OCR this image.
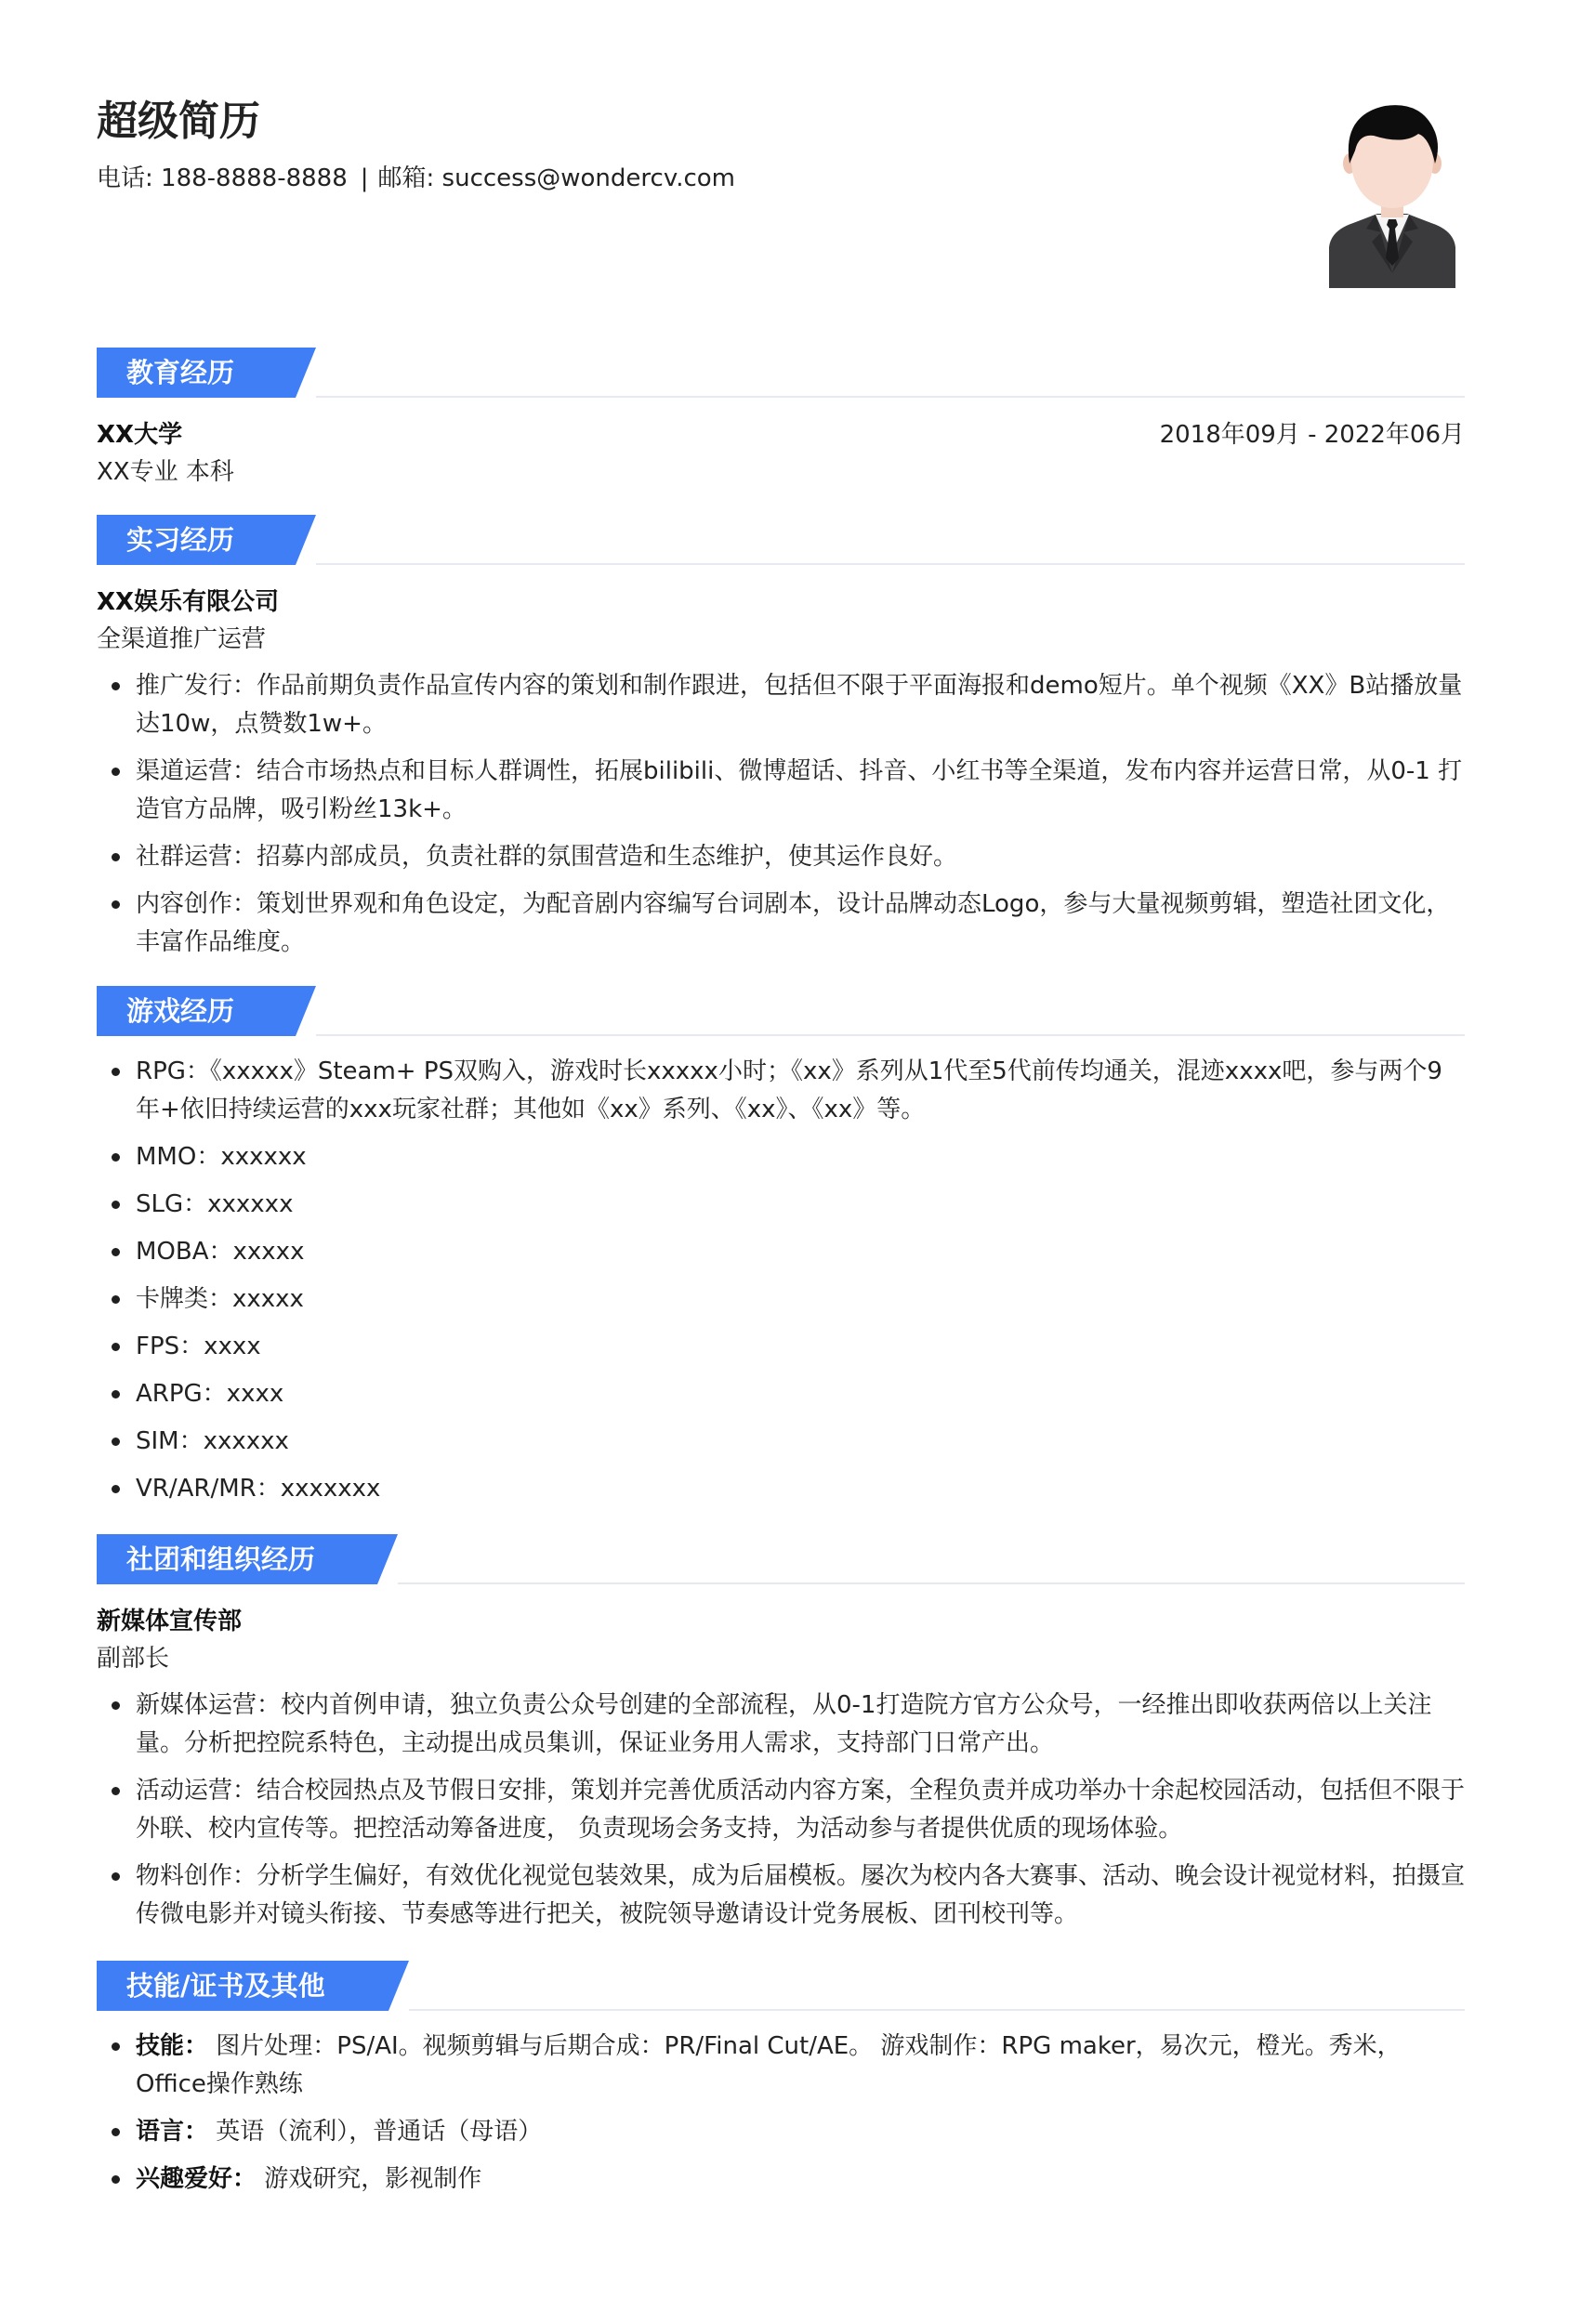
超级简历
电话: 188-8888-8888 | 邮箱: success@wondercv.com
教育经历
XX大学	2018年09月 - 2022年06月
XX专业 本科
实习经历
XX娱乐有限公司
全渠道推广运营
推广发行：作品前期负责作品宣传内容的策划和制作跟进，包括但不限于平面海报和demo短片。单个视频《XX》B站播放量达10w，点赞数1w+。
渠道运营：结合市场热点和目标人群调性，拓展bilibili、微博超话、抖音、小红书等全渠道，发布内容并运营日常，从0-1 打造官方品牌，吸引粉丝13k+。
社群运营：招募内部成员，负责社群的氛围营造和生态维护，使其运作良好。
内容创作：策划世界观和角色设定，为配音剧内容编写台词剧本，设计品牌动态Logo，参与大量视频剪辑，塑造社团文化，丰富作品维度。
游戏经历
RPG：《xxxxx》Steam+ PS双购入，游戏时长xxxxx小时；《xx》系列从1代至5代前传均通关，混迹xxxx吧，参与两个9年+依旧持续运营的xxx玩家社群；其他如《xx》系列、《xx》、《xx》等。
MMO：xxxxxx
SLG：xxxxxx
MOBA：xxxxx
卡牌类：xxxxx
FPS：xxxx
ARPG：xxxx
SIM：xxxxxx
VR/AR/MR：xxxxxxx
社团和组织经历
新媒体宣传部
副部长
新媒体运营：校内首例申请，独立负责公众号创建的全部流程，从0-1打造院方官方公众号，一经推出即收获两倍以上关注量。分析把控院系特色，主动提出成员集训，保证业务用人需求，支持部门日常产出。
活动运营：结合校园热点及节假日安排，策划并完善优质活动内容方案，全程负责并成功举办十余起校园活动，包括但不限于外联、校内宣传等。把控活动筹备进度， 负责现场会务支持，为活动参与者提供优质的现场体验。
物料创作：分析学生偏好，有效优化视觉包装效果，成为后届模板。屡次为校内各大赛事、活动、晚会设计视觉材料，拍摄宣传微电影并对镜头衔接、节奏感等进行把关，被院领导邀请设计党务展板、团刊校刊等。
技能/证书及其他
技能： 图片处理：PS/AI。视频剪辑与后期合成：PR/Final Cut/AE。 游戏制作：RPG maker，易次元，橙光。秀米，Office操作熟练
语言： 英语（流利），普通话（母语）
兴趣爱好： 游戏研究，影视制作
